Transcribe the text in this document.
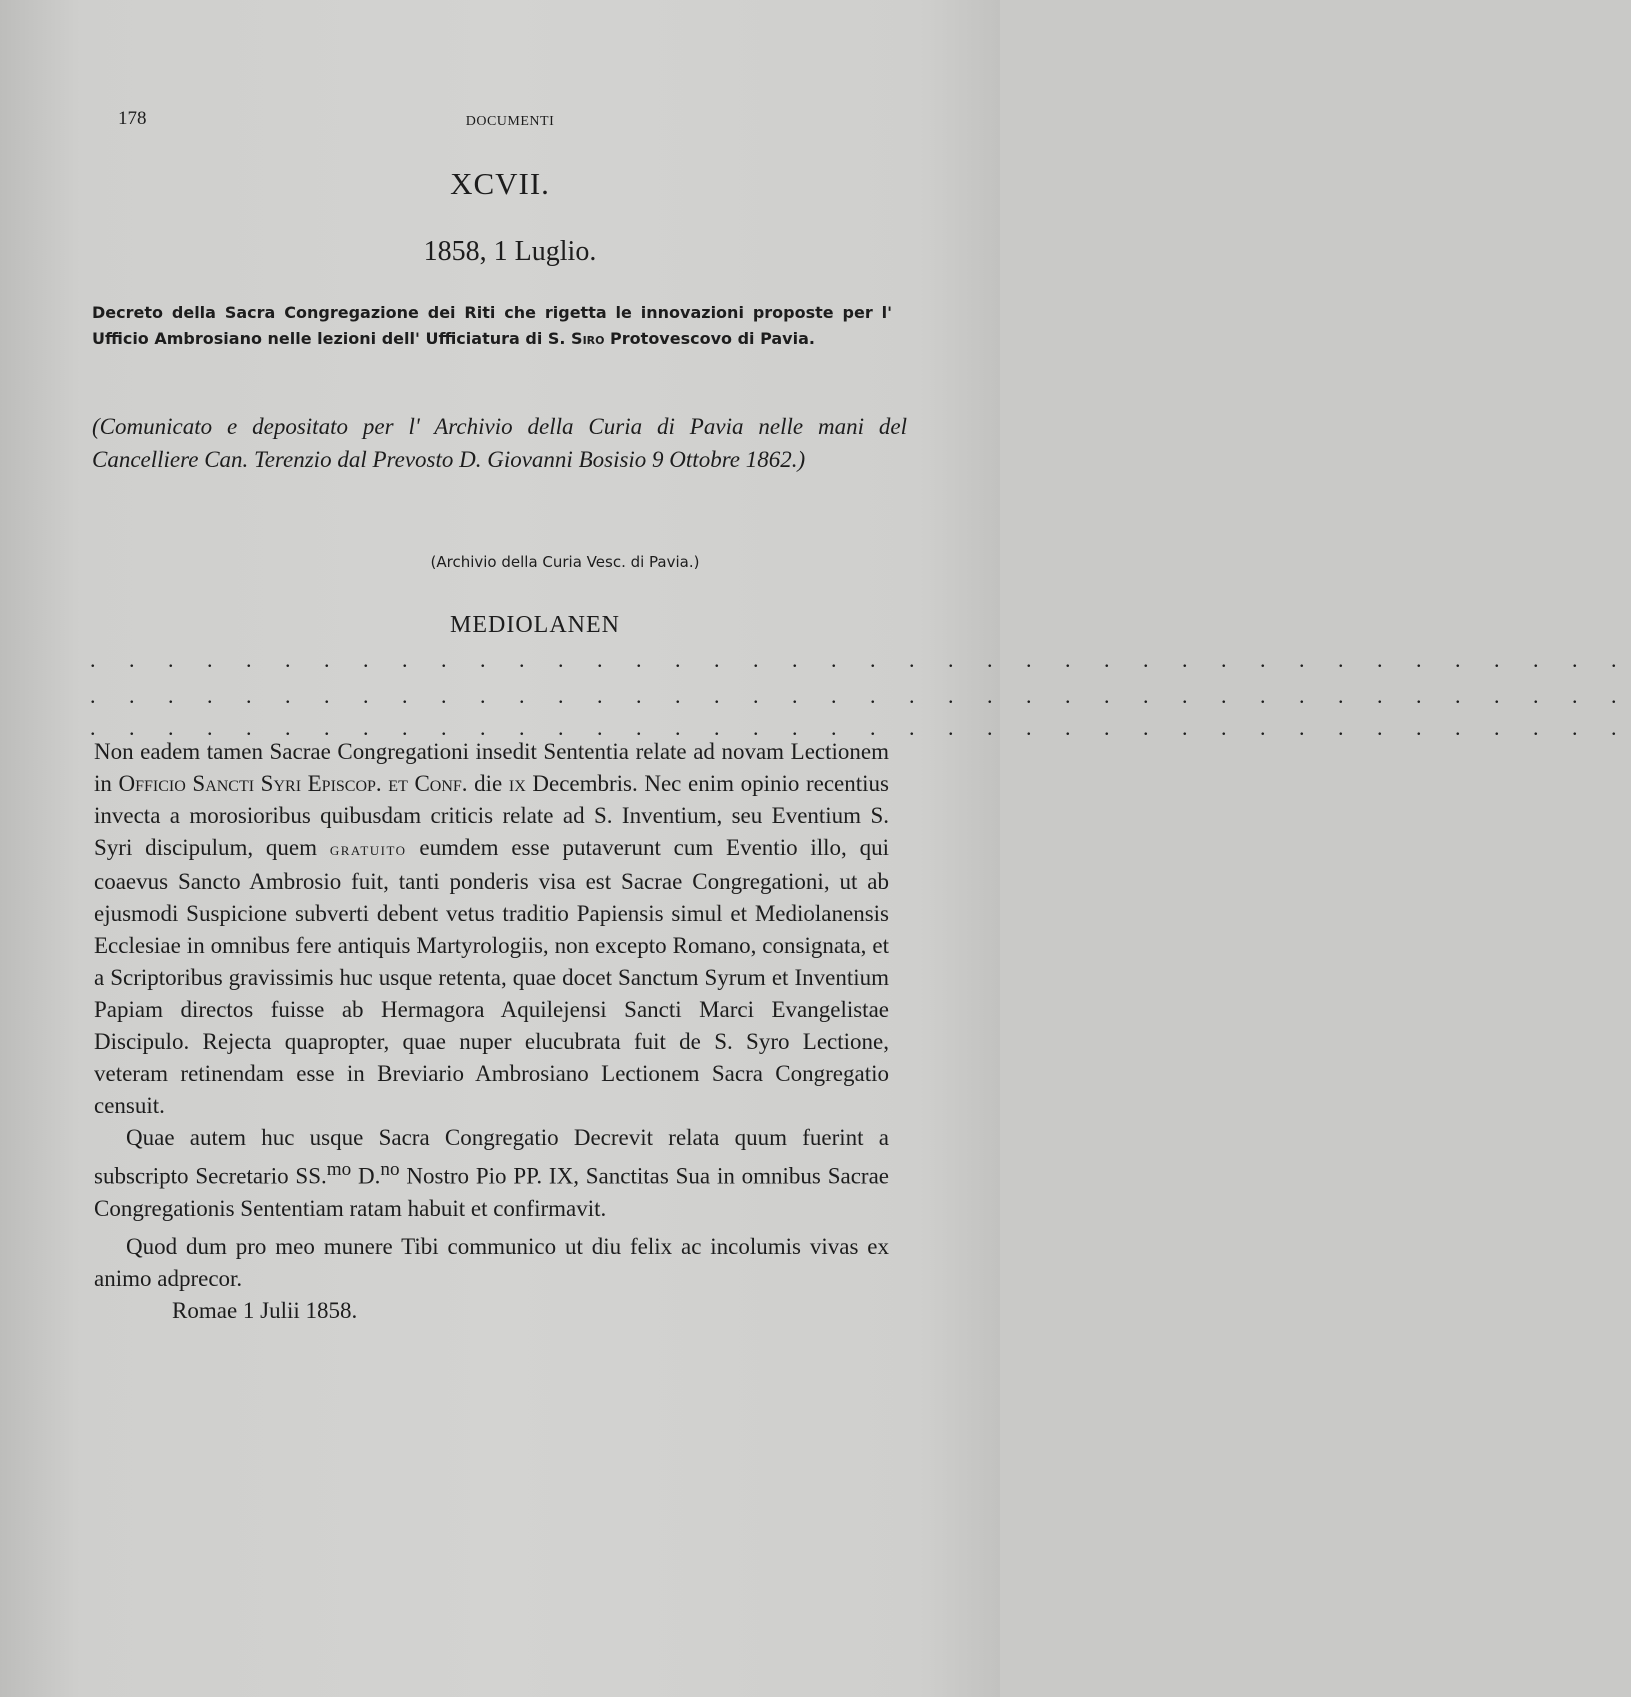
178	DOCUMENTI
XCVII.
1858, 1 Luglio.
Decreto della Sacra Congregazione dei Riti che rigetta le innovazioni proposte per l' Ufficio Ambrosiano nelle lezioni dell' Ufficiatura di S. Siro Protovescovo di Pavia.
(Comunicato e depositato per l' Archivio della Curia di Pavia nelle mani del Cancelliere Can. Terenzio dal Prevosto D. Giovanni Bosisio 9 Ottobre 1862.)
(Archivio della Curia Vesc. di Pavia.)
MEDIOLANEN
. . . . . . . . . . . . . . . . . . . . . . . . . . . . . . . . . . . . . . . .
. . . . . . . . . . . . . . . . . . . . . . . . . . . . . . . . . . . . . . . .
. . . . . . . . . . . . . . . . . . . . . . . . . . . . . . . . . . . . . . . .

Non eadem tamen Sacrae Congregationi insedit Sententia relate ad novam Lectionem in Officio Sancti Syri Episcop. et Conf. die ix Decembris. Nec enim opinio recentius invecta a morosioribus quibusdam criticis relate ad S. Inventium, seu Eventium S. Syri discipulum, quem gratuito eumdem esse putaverunt cum Eventio illo, qui coaevus Sancto Ambrosio fuit, tanti ponderis visa est Sacrae Congregationi, ut ab ejusmodi Suspicione subverti debent vetus traditio Papiensis simul et Mediolanensis Ecclesiae in omnibus fere antiquis Martyrologiis, non excepto Romano, consignata, et a Scriptoribus gravissimis huc usque retenta, quae docet Sanctum Syrum et Inventium Papiam directos fuisse ab Hermagora Aquilejensi Sancti Marci Evangelistae Discipulo. Rejecta quapropter, quae nuper elucubrata fuit de S. Syro Lectione, veteram retinendam esse in Breviario Ambrosiano Lectionem Sacra Congregatio censuit.

Quae autem huc usque Sacra Congregatio Decrevit relata quum fuerint a subscripto Secretario SS.$^{mo}$ D.$^{no}$ Nostro Pio PP. IX, Sanctitas Sua in omnibus Sacrae Congregationis Sententiam ratam habuit et confirmavit.

Quod dum pro meo munere Tibi communico ut diu felix ac incolumis vivas ex animo adprecor.

Romae 1 Julii 1858.
